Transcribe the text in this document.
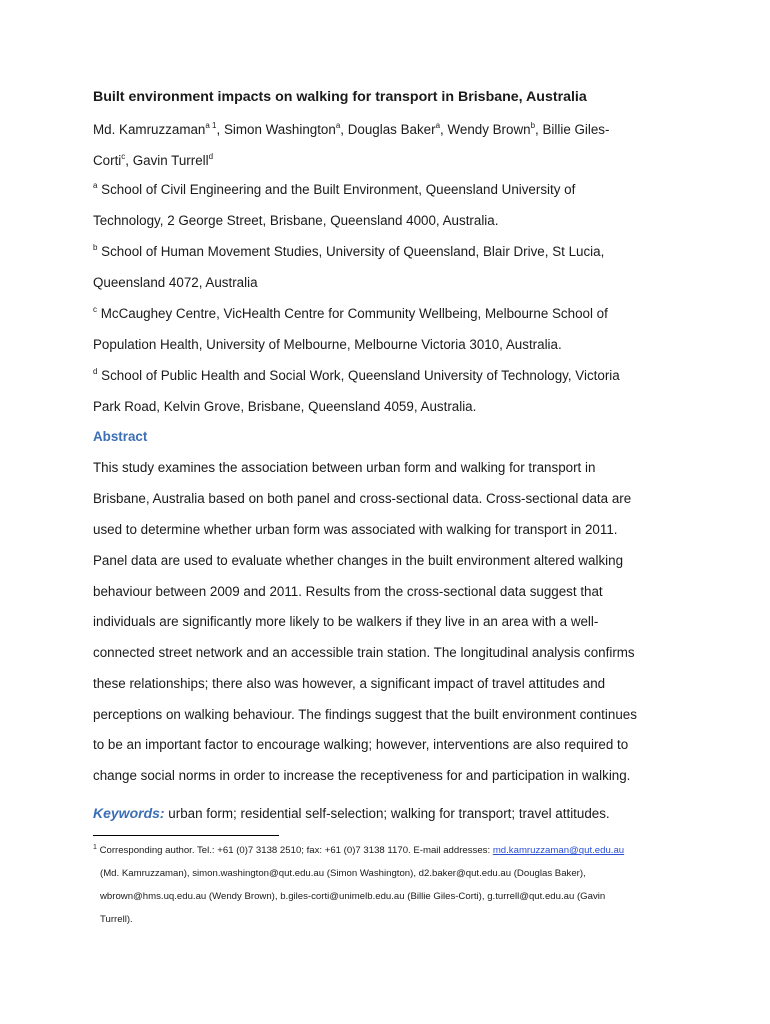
Built environment impacts on walking for transport in Brisbane, Australia
Md. Kamruzzaman$^{a 1}$, Simon Washington$^a$, Douglas Baker$^a$, Wendy Brown$^b$, Billie Giles-
Corti$^c$, Gavin Turrell$^d$
$^a$ School of Civil Engineering and the Built Environment, Queensland University of
Technology, 2 George Street, Brisbane, Queensland 4000, Australia.
$^b$ School of Human Movement Studies, University of Queensland, Blair Drive, St Lucia,
Queensland 4072, Australia
$^c$ McCaughey Centre, VicHealth Centre for Community Wellbeing, Melbourne School of
Population Health, University of Melbourne, Melbourne Victoria 3010, Australia.
$^d$ School of Public Health and Social Work, Queensland University of Technology, Victoria
Park Road, Kelvin Grove, Brisbane, Queensland 4059, Australia.
Abstract
This study examines the association between urban form and walking for transport in
Brisbane, Australia based on both panel and cross-sectional data. Cross-sectional data are
used to determine whether urban form was associated with walking for transport in 2011.
Panel data are used to evaluate whether changes in the built environment altered walking
behaviour between 2009 and 2011. Results from the cross-sectional data suggest that
individuals are significantly more likely to be walkers if they live in an area with a well-
connected street network and an accessible train station. The longitudinal analysis confirms
these relationships; there also was however, a significant impact of travel attitudes and
perceptions on walking behaviour. The findings suggest that the built environment continues
to be an important factor to encourage walking; however, interventions are also required to
change social norms in order to increase the receptiveness for and participation in walking.
Keywords: urban form; residential self-selection; walking for transport; travel attitudes.
$^1$ Corresponding author. Tel.: +61 (0)7 3138 2510; fax: +61 (0)7 3138 1170. E-mail addresses: md.kamruzzaman@qut.edu.au
(Md. Kamruzzaman), simon.washington@qut.edu.au (Simon Washington), d2.baker@qut.edu.au (Douglas Baker),
wbrown@hms.uq.edu.au (Wendy Brown), b.giles-corti@unimelb.edu.au (Billie Giles-Corti), g.turrell@qut.edu.au (Gavin
Turrell).
